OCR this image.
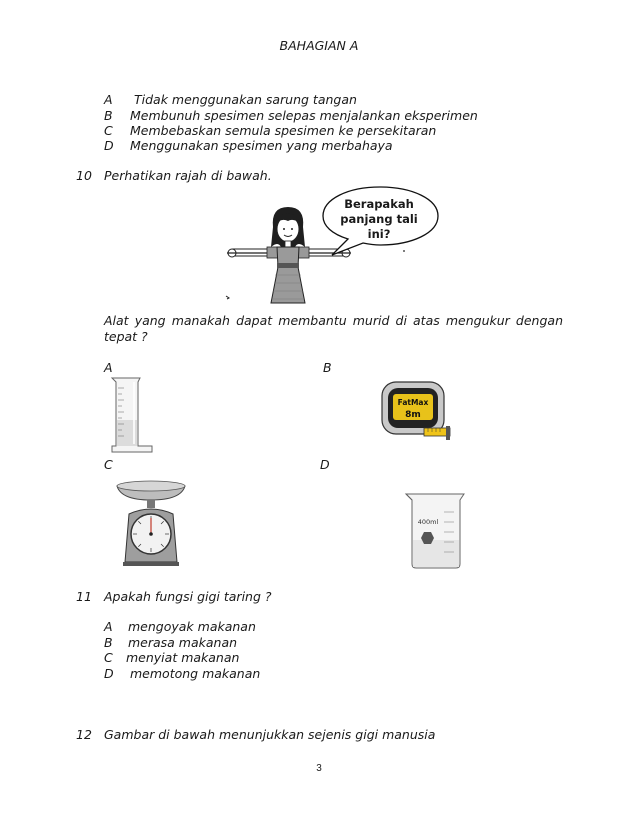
BAHAGIAN A
A Tidak menggunakan sarung tangan
B Membunuh spesimen selepas menjalankan eksperimen
C Membebaskan semula spesimen ke persekitaran
D Menggunakan spesimen yang merbahaya
10 Perhatikan rajah di bawah.
Berapakah
panjang tali
ini?
Alat yang manakah dapat membantu murid di atas mengukur dengan
tepat ?
A	B
C	D
FatMax
8m
400ml
11 Apakah fungsi gigi taring ?
A mengoyak makanan
B merasa makanan
C menyiat makanan
D memotong makanan
12 Gambar di bawah menunjukkan sejenis gigi manusia
3
